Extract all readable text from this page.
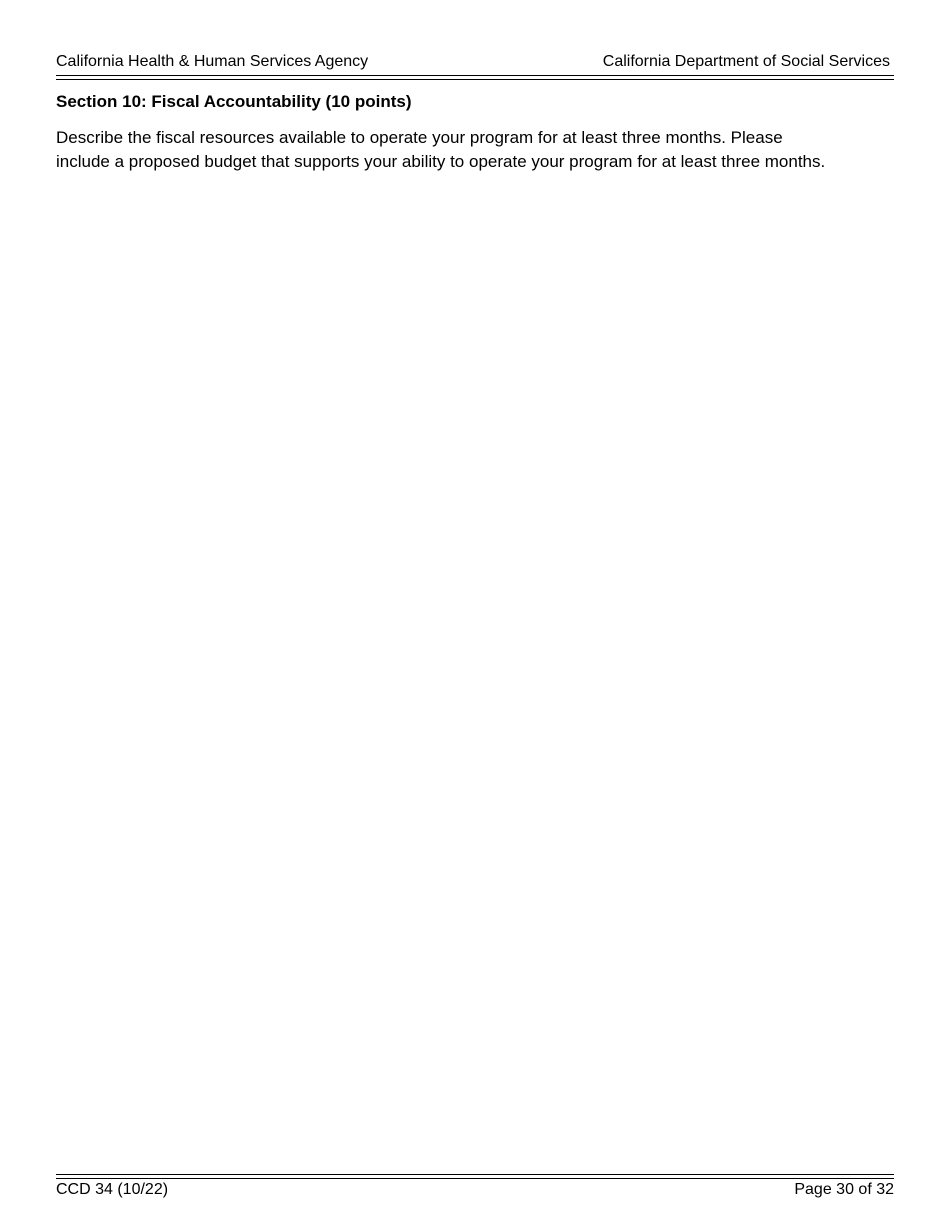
California Health & Human Services Agency	California Department of Social Services
Section 10: Fiscal Accountability (10 points)

Describe the fiscal resources available to operate your program for at least three months. Please

include a proposed budget that supports your ability to operate your program for at least three months.

CCD 34 (10/22)	Page 30 of 32
